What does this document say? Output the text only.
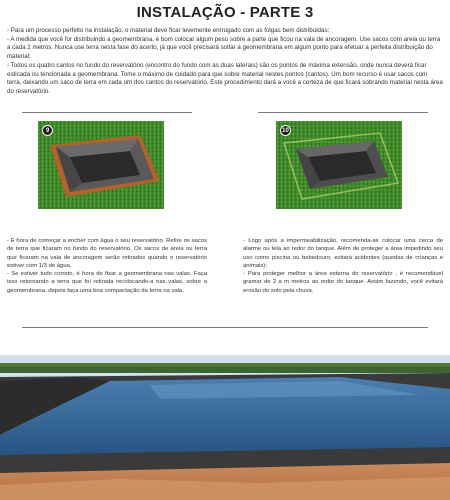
INSTALAÇÃO - PARTE 3

- Para um processo perfeito na instalação, o material deve ficar levemente enrrugado com as folgas bem distribuidas;

- A medida que você for distribuindo a geomembrana, é bom colocar algum peso sobre a parte que ficou na vala de ancoragem. Use sacos com areia ou terra a cada 2 metros. Nunca use terra nesta fase do acerto, já que você precisará soltar a geomembrana em algum ponto para efetuar a perfeita distribuição do material;

- Todos os quatro cantos no fundo do reservatório (encontro do fundo com as duas laterais) são os pontos de máxima extensão, onde nunca deverá ficar esticada ou tencionada a geomembrana. Tome o máximo de cuidado para que sobre material nestes pontos (cantos). Um bom recurso é usar sacos com terra, deixando um saco de terra em cada um dos cantos do reservatório. Este procedimento dará a você a certeza de que ficará sobrando material nesta área do reservatório.

9	10

- É hora de começar a encher com água o seu reservatório. Retire os sacos de terra que ficaram no fundo do reservatório. Os sacos de areia ou terra que ficaram na vala de ancoragem serão retirados quando o reservatório estiver com 1/3 de água.

- Se estiver tudo correto, é hora de fixar a geomembrana nas valas. Faça isso retornando a terra que foi retirada recolocando-a nas valas, sobre a geomembrana, depois faça uma boa compactação da terra na vala.

- Logo após a impermeabilização, recomenda-se colocar uma cerca de alarme ou tela ao redor do tanque. Além de proteger a área impedindo seu uso como piscina ou bebedouro, evitará acidentes (quedas de crianças e animais);

- Para proteger melhor a área externa do reservatório , é recomendável gramar de 2 a m metros ao redor do tanque. Assim fazendo, você evitará erosão do solo pela chuva.
